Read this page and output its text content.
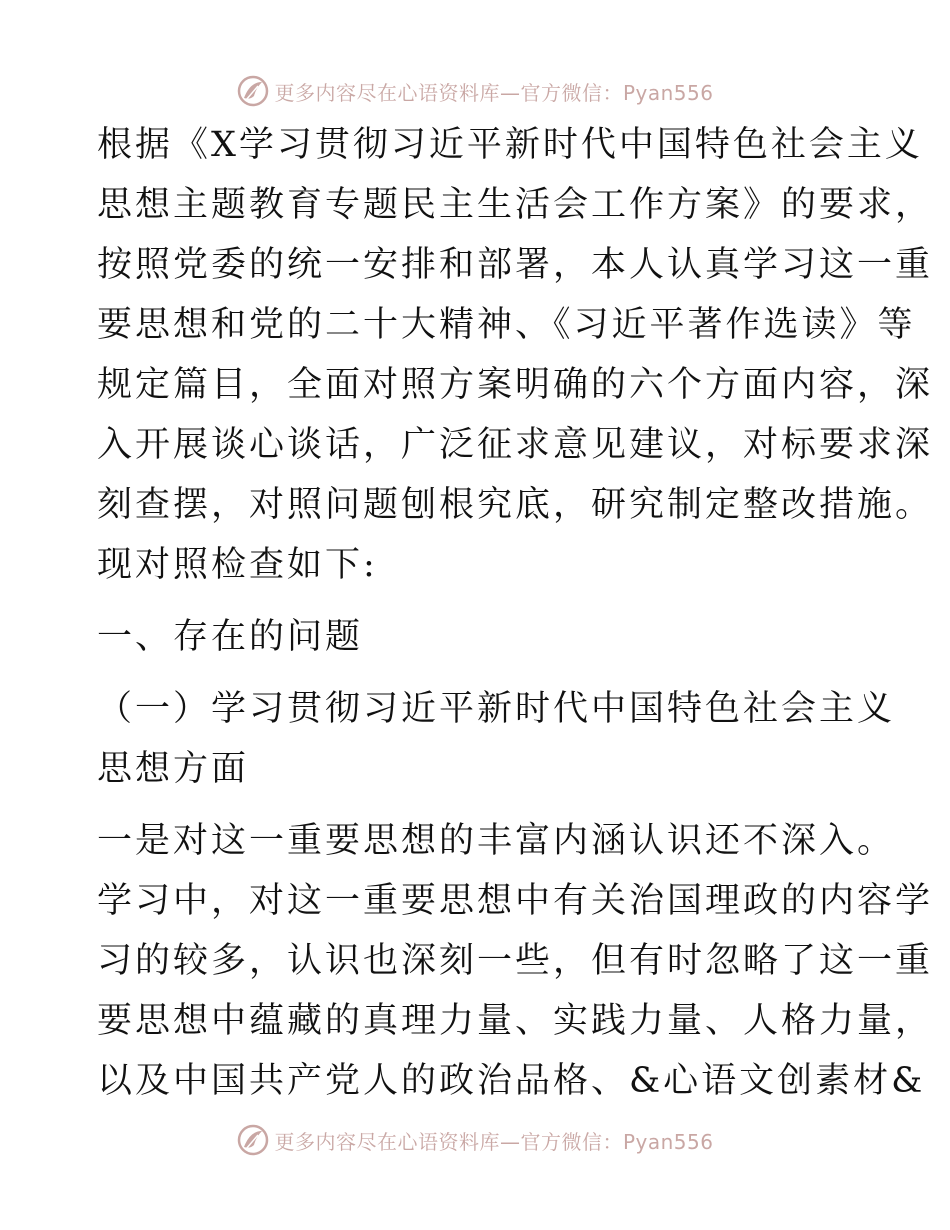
更多内容尽在心语资料库—官方微信：Pyan556
根据《X学习贯彻习近平新时代中国特色社会主义
思想主题教育专题民主生活会工作方案》的要求，
按照党委的统一安排和部署，本人认真学习这一重
要思想和党的二十大精神、《习近平著作选读》等
规定篇目，全面对照方案明确的六个方面内容，深
入开展谈心谈话，广泛征求意见建议，对标要求深
刻查摆，对照问题刨根究底，研究制定整改措施。
现对照检查如下:
一、存在的问题
（一）学习贯彻习近平新时代中国特色社会主义
思想方面
一是对这一重要思想的丰富内涵认识还不深入。
学习中，对这一重要思想中有关治国理政的内容学
习的较多，认识也深刻一些，但有时忽略了这一重
要思想中蕴藏的真理力量、实践力量、人格力量，
以及中国共产党人的政治品格、&心语文创素材&
更多内容尽在心语资料库—官方微信：Pyan556
